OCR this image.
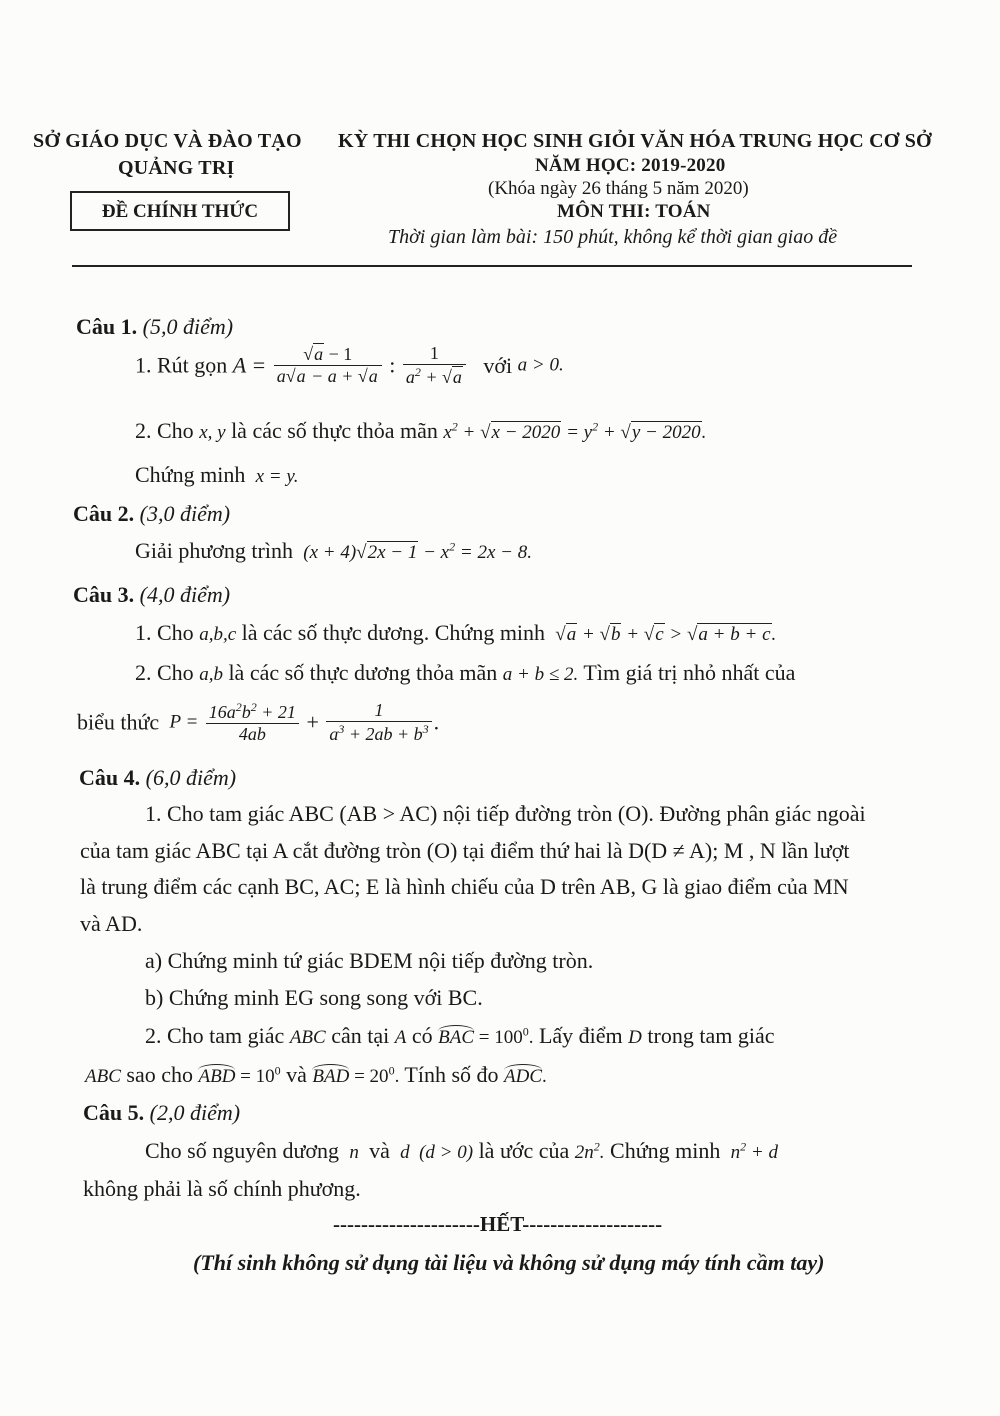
SỞ GIÁO DỤC VÀ ĐÀO TẠO
QUẢNG TRỊ
ĐỀ CHÍNH THỨC
KỲ THI CHỌN HỌC SINH GIỎI VĂN HÓA TRUNG HỌC CƠ SỞ
NĂM HỌC: 2019-2020
(Khóa ngày 26 tháng 5 năm 2020)
MÔN THI: TOÁN
Thời gian làm bài: 150 phút, không kể thời gian giao đề
Câu 1. (5,0 điểm)
1. Rút gọn $A = \frac{√a - 1}{a√a - a + √a}$ : $\frac{1}{a^2 + √a}$ với a > 0.
2. Cho x, y là các số thực thỏa mãn $x^2 + √x - 2020 = y^2 + √y - 2020$.
Chứng minh  x = y.
Câu 2. (3,0 điểm)
Giải phương trình  $(x + 4)√2x - 1 - x^2 = 2x - 8$.
Câu 3. (4,0 điểm)
1. Cho a,b,c là các số thực dương. Chứng minh  √a + √b + √c > √a + b + c.
2. Cho a,b là các số thực dương thỏa mãn a + b ≤ 2. Tìm giá trị nhỏ nhất của
biểu thức  $P = \frac{16a^2b^2 + 21}{4ab} + \frac{1}{a^3 + 2ab + b^3}$ .
Câu 4. (6,0 điểm)
1. Cho tam giác ABC (AB > AC) nội tiếp đường tròn (O). Đường phân giác ngoài
của tam giác ABC tại A cắt đường tròn (O) tại điểm thứ hai là D(D ≠ A); M , N lần lượt
là trung điểm các cạnh BC, AC; E là hình chiếu của D trên AB, G là giao điểm của MN
và AD.
a) Chứng minh tứ giác BDEM nội tiếp đường tròn.
b) Chứng minh EG song song với BC.
2. Cho tam giác ABC cân tại A có BAC = $100^0$. Lấy điểm D trong tam giác
ABC sao cho ABD = $10^0$ và BAD = $20^0$. Tính số đo ADC.
Câu 5. (2,0 điểm)
Cho số nguyên dương  n  và  d  (d > 0) là ước của $2n^2$. Chứng minh  $n^2 + d$
không phải là số chính phương.
---------------------HẾT--------------------
(Thí sinh không sử dụng tài liệu và không sử dụng máy tính cầm tay)
